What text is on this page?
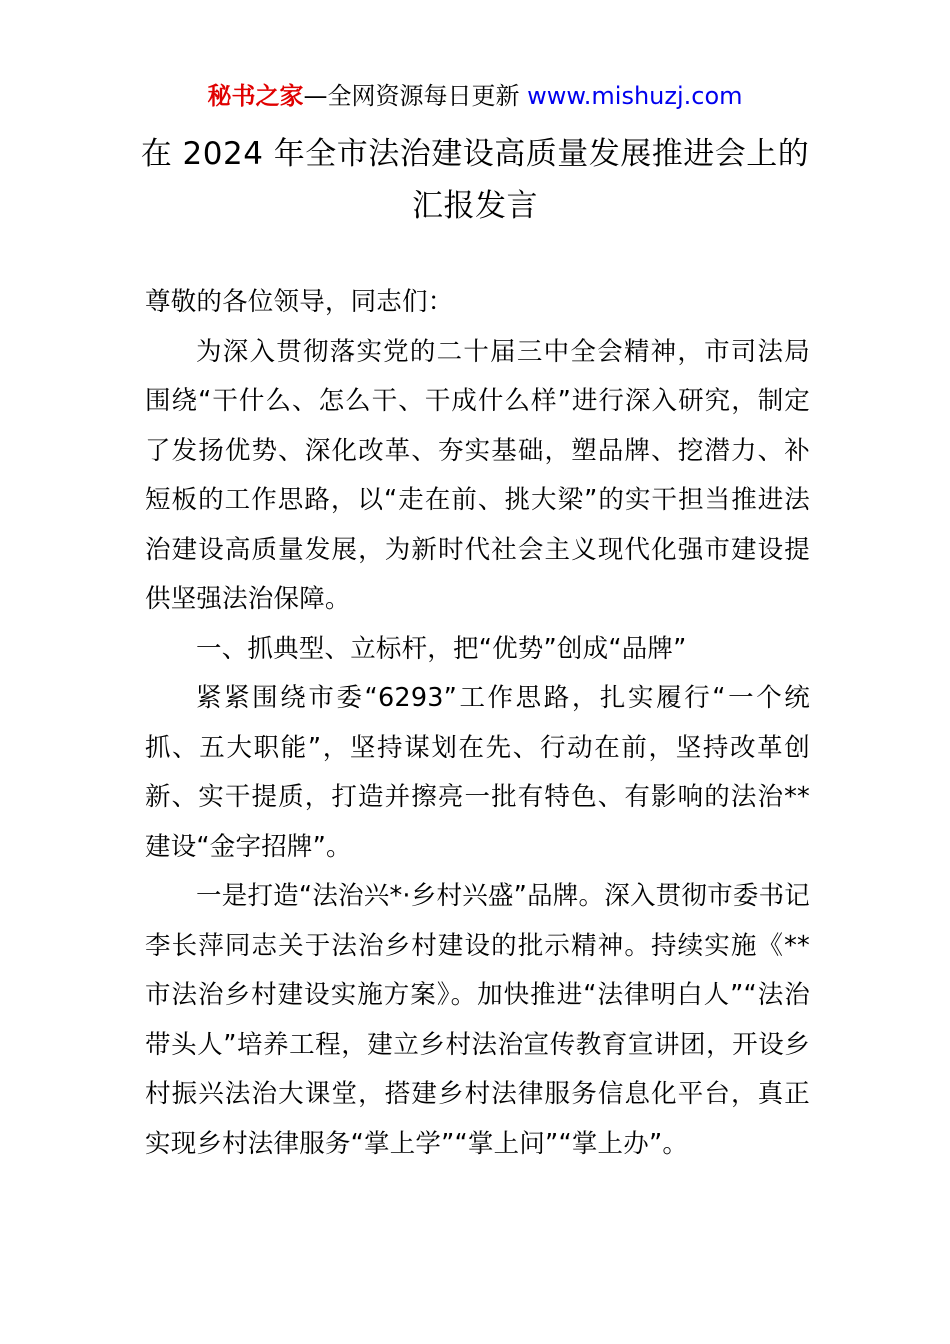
秘书之家—全网资源每日更新 www.mishuzj.com
在 2024 年全市法治建设高质量发展推进会上的
汇报发言

尊敬的各位领导，同志们：

为深入贯彻落实党的二十届三中全会精神，市司法局围绕“干什么、怎么干、干成什么样”进行深入研究，制定了发扬优势、深化改革、夯实基础，塑品牌、挖潜力、补短板的工作思路，以“走在前、挑大梁”的实干担当推进法治建设高质量发展，为新时代社会主义现代化强市建设提供坚强法治保障。

一、抓典型、立标杆，把“优势”创成“品牌”

紧紧围绕市委“6293”工作思路，扎实履行“一个统抓、五大职能”，坚持谋划在先、行动在前，坚持改革创新、实干提质，打造并擦亮一批有特色、有影响的法治**建设“金字招牌”。

一是打造“法治兴*·乡村兴盛”品牌。深入贯彻市委书记李长萍同志关于法治乡村建设的批示精神。持续实施《**市法治乡村建设实施方案》。加快推进“法律明白人”“法治带头人”培养工程，建立乡村法治宣传教育宣讲团，开设乡村振兴法治大课堂，搭建乡村法律服务信息化平台，真正实现乡村法律服务“掌上学”“掌上问”“掌上办”。
